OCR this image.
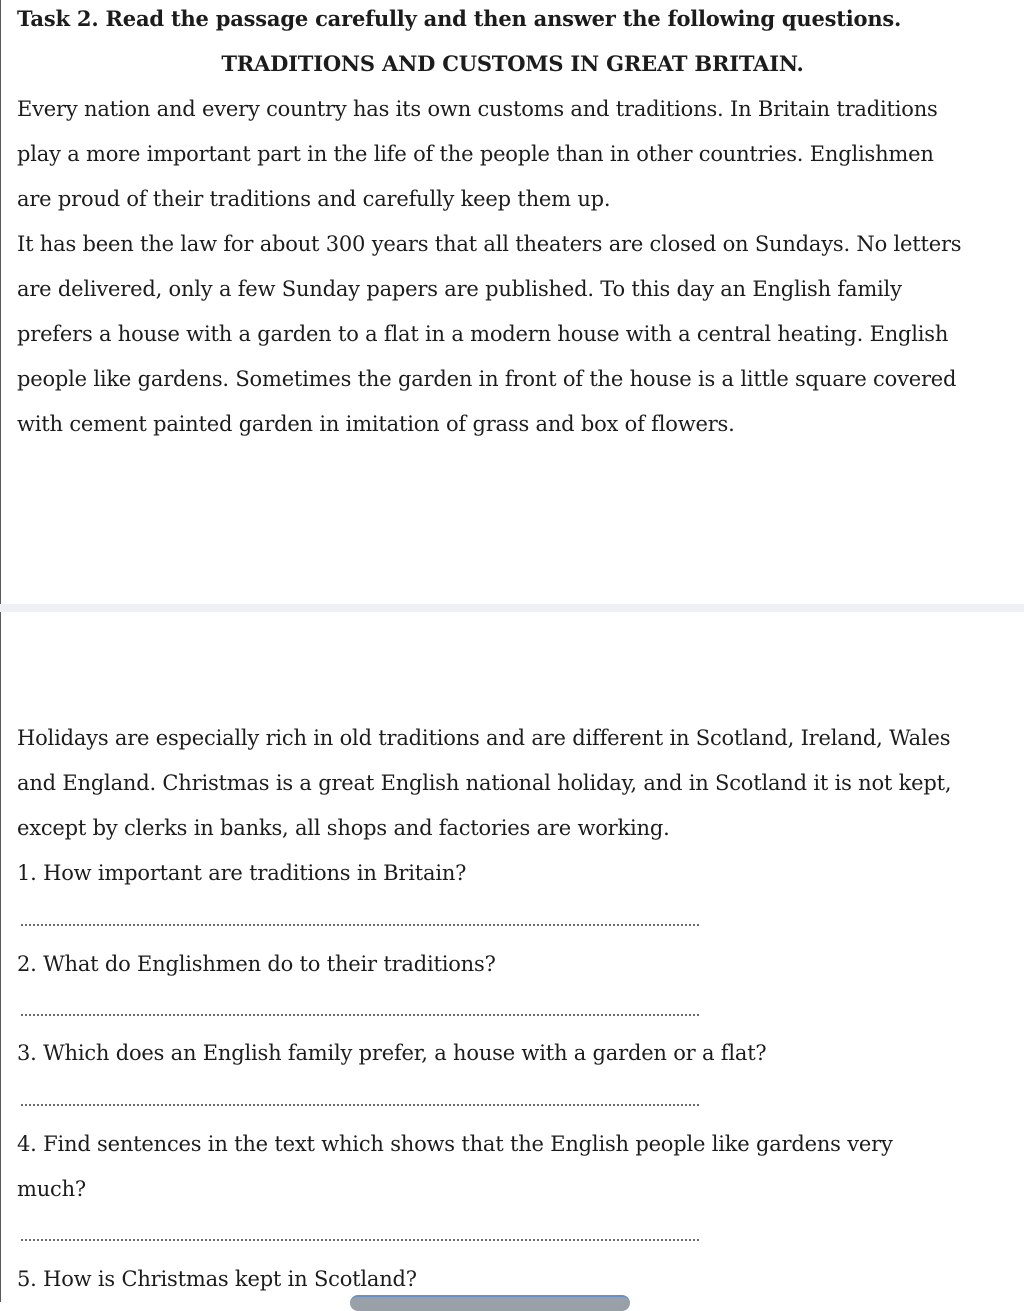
Task 2. Read the passage carefully and then answer the following questions.

TRADITIONS AND CUSTOMS IN GREAT BRITAIN.

Every nation and every country has its own customs and traditions. In Britain traditions

play a more important part in the life of the people than in other countries. Englishmen

are proud of their traditions and carefully keep them up.

It has been the law for about 300 years that all theaters are closed on Sundays. No letters

are delivered, only a few Sunday papers are published. To this day an English family

prefers a house with a garden to a flat in a modern house with a central heating. English

people like gardens. Sometimes the garden in front of the house is a little square covered

with cement painted garden in imitation of grass and box of flowers.

Holidays are especially rich in old traditions and are different in Scotland, Ireland, Wales

and England. Christmas is a great English national holiday, and in Scotland it is not kept,

except by clerks in banks, all shops and factories are working.

1. How important are traditions in Britain?

2. What do Englishmen do to their traditions?

3. Which does an English family prefer, a house with a garden or a flat?

4. Find sentences in the text which shows that the English people like gardens very

much?

5. How is Christmas kept in Scotland?
